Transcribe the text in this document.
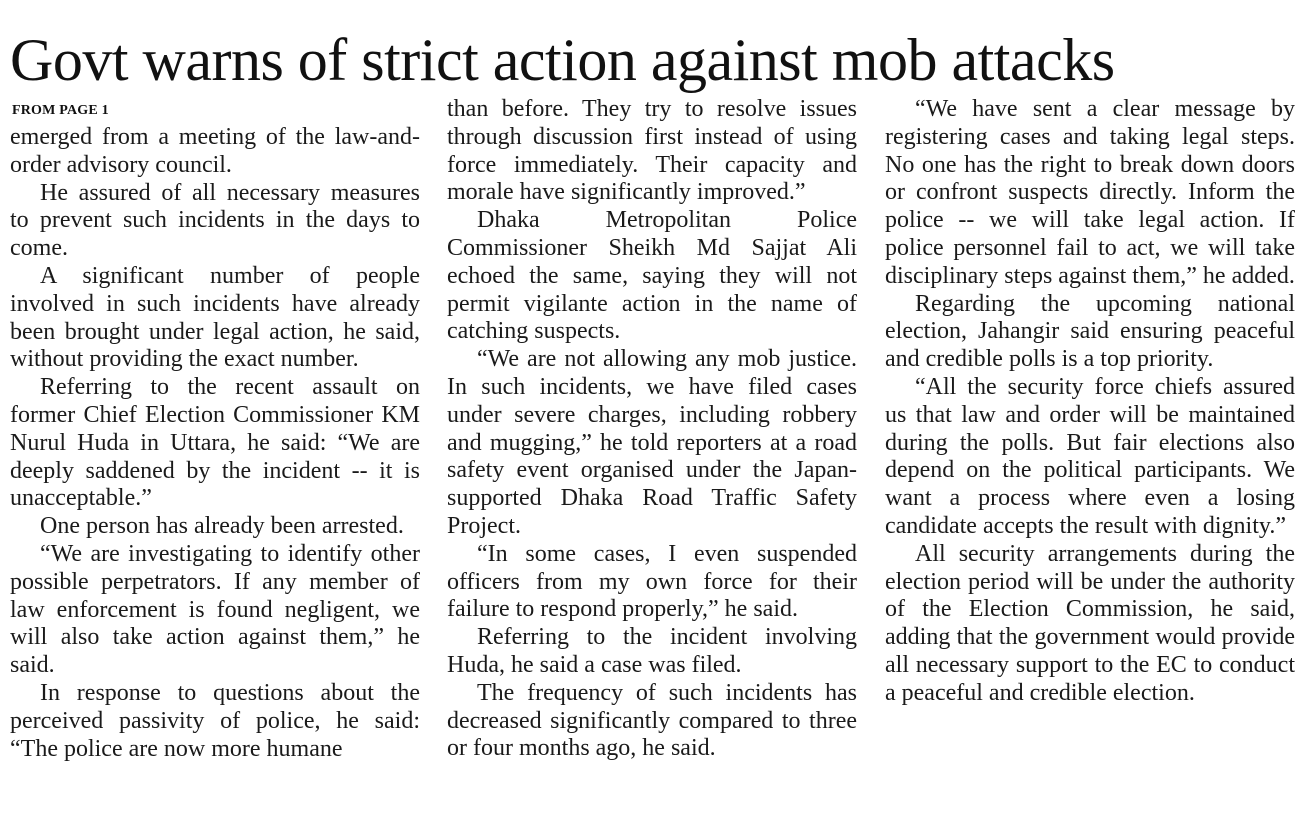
Govt warns of strict action against mob attacks
FROM PAGE 1

emerged from a meeting of the law-and-order advisory council.

He assured of all necessary measures to prevent such incidents in the days to come.

A significant number of people involved in such incidents have already been brought under legal action, he said, without providing the exact number.

Referring to the recent assault on former Chief Election Commissioner KM Nurul Huda in Uttara, he said: “We are deeply saddened by the incident -- it is unacceptable.”

One person has already been arrested.

“We are investigating to identify other possible perpetrators. If any member of law enforcement is found negligent, we will also take action against them,” he said.

In response to questions about the perceived passivity of police, he said: “The police are now more humane

than before. They try to resolve issues through discussion first instead of using force immediately. Their capacity and morale have significantly improved.”

Dhaka Metropolitan Police Commissioner Sheikh Md Sajjat Ali echoed the same, saying they will not permit vigilante action in the name of catching suspects.

“We are not allowing any mob justice. In such incidents, we have filed cases under severe charges, including robbery and mugging,” he told reporters at a road safety event organised under the Japan-supported Dhaka Road Traffic Safety Project.

“In some cases, I even suspended officers from my own force for their failure to respond properly,” he said.

Referring to the incident involving Huda, he said a case was filed.

The frequency of such incidents has decreased significantly compared to three or four months ago, he said.

“We have sent a clear message by registering cases and taking legal steps. No one has the right to break down doors or confront suspects directly. Inform the police -- we will take legal action. If police personnel fail to act, we will take disciplinary steps against them,” he added.

Regarding the upcoming national election, Jahangir said ensuring peaceful and credible polls is a top priority.

“All the security force chiefs assured us that law and order will be maintained during the polls. But fair elections also depend on the political participants. We want a process where even a losing candidate accepts the result with dignity.”

All security arrangements during the election period will be under the authority of the Election Commission, he said, adding that the government would provide all necessary support to the EC to conduct a peaceful and credible election.
